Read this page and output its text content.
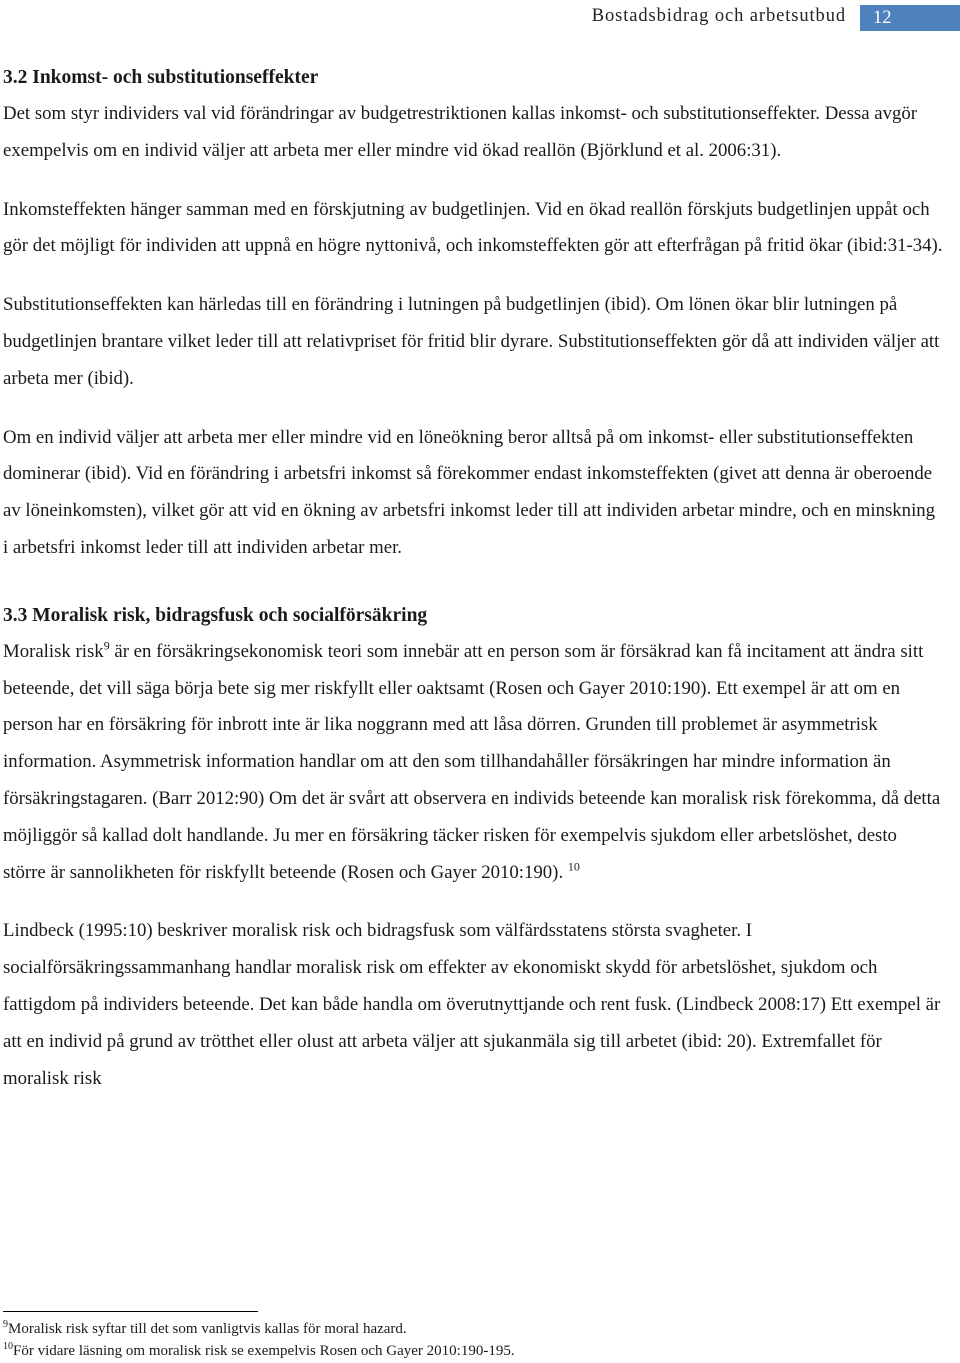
Bostadsbidrag och arbetsutbud	12
3.2 Inkomst- och substitutionseffekter

Det som styr individers val vid förändringar av budgetrestriktionen kallas inkomst- och substitutionseffekter. Dessa avgör exempelvis om en individ väljer att arbeta mer eller mindre vid ökad reallön (Björklund et al. 2006:31).

Inkomsteffekten hänger samman med en förskjutning av budgetlinjen. Vid en ökad reallön förskjuts budgetlinjen uppåt och gör det möjligt för individen att uppnå en högre nyttonivå, och inkomsteffekten gör att efterfrågan på fritid ökar (ibid:31-34).

Substitutionseffekten kan härledas till en förändring i lutningen på budgetlinjen (ibid). Om lönen ökar blir lutningen på budgetlinjen brantare vilket leder till att relativpriset för fritid blir dyrare. Substitutionseffekten gör då att individen väljer att arbeta mer (ibid).

Om en individ väljer att arbeta mer eller mindre vid en löneökning beror alltså på om inkomst- eller substitutionseffekten dominerar (ibid). Vid en förändring i arbetsfri inkomst så förekommer endast inkomsteffekten (givet att denna är oberoende av löneinkomsten), vilket gör att vid en ökning av arbetsfri inkomst leder till att individen arbetar mindre, och en minskning i arbetsfri inkomst leder till att individen arbetar mer.

3.3 Moralisk risk, bidragsfusk och socialförsäkring

Moralisk risk$^9$ är en försäkringsekonomisk teori som innebär att en person som är försäkrad kan få incitament att ändra sitt beteende, det vill säga börja bete sig mer riskfyllt eller oaktsamt (Rosen och Gayer 2010:190). Ett exempel är att om en person har en försäkring för inbrott inte är lika noggrann med att låsa dörren. Grunden till problemet är asymmetrisk information. Asymmetrisk information handlar om att den som tillhandahåller försäkringen har mindre information än försäkringstagaren. (Barr 2012:90) Om det är svårt att observera en individs beteende kan moralisk risk förekomma, då detta möjliggör så kallad dolt handlande. Ju mer en försäkring täcker risken för exempelvis sjukdom eller arbetslöshet, desto större är sannolikheten för riskfyllt beteende (Rosen och Gayer 2010:190). $^{10}$

Lindbeck (1995:10) beskriver moralisk risk och bidragsfusk som välfärdsstatens största svagheter. I socialförsäkringssammanhang handlar moralisk risk om effekter av ekonomiskt skydd för arbetslöshet, sjukdom och fattigdom på individers beteende. Det kan både handla om överutnyttjande och rent fusk. (Lindbeck 2008:17) Ett exempel är att en individ på grund av trötthet eller olust att arbeta väljer att sjukanmäla sig till arbetet (ibid: 20). Extremfallet för moralisk risk

$^9$Moralisk risk syftar till det som vanligtvis kallas för moral hazard.
$^{10}$För vidare läsning om moralisk risk se exempelvis Rosen och Gayer 2010:190-195.
